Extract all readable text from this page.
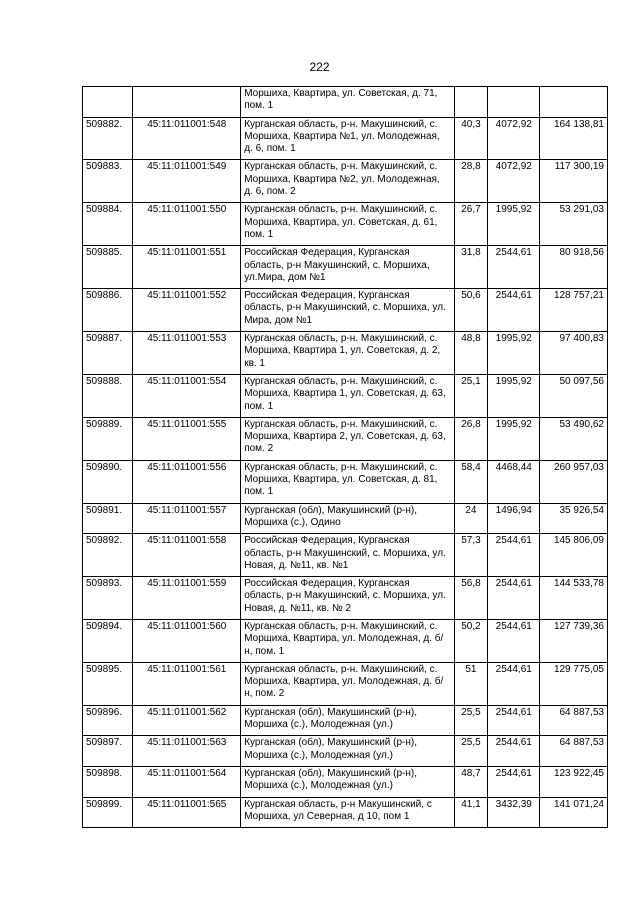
222
		Моршиха, Квартира, ул. Советская, д. 71, пом. 1			
509882.	45:11:011001:548	Курганская область, р-н. Макушинский, с. Моршиха, Квартира №1, ул. Молодежная, д. 6, пом. 1	40,3	4072,92	164 138,81
509883.	45:11:011001:549	Курганская область, р-н. Макушинский, с. Моршиха, Квартира №2, ул. Молодежная, д. 6, пом. 2	28,8	4072,92	117 300,19
509884.	45:11:011001:550	Курганская область, р-н. Макушинский, с. Моршиха, Квартира, ул. Советская, д. 61, пом. 1	26,7	1995,92	53 291,03
509885.	45:11:011001:551	Российская Федерация, Курганская область, р-н Макушинский, с. Моршиха, ул.Мира, дом №1	31,8	2544,61	80 918,56
509886.	45:11:011001:552	Российская Федерация, Курганская область, р-н Макушинский, с. Моршиха, ул. Мира, дом №1	50,6	2544,61	128 757,21
509887.	45:11:011001:553	Курганская область, р-н. Макушинский, с. Моршиха, Квартира 1, ул. Советская, д. 2, кв. 1	48,8	1995,92	97 400,83
509888.	45:11:011001:554	Курганская область, р-н. Макушинский, с. Моршиха, Квартира 1, ул. Советская, д. 63, пом. 1	25,1	1995,92	50 097,56
509889.	45:11:011001:555	Курганская область, р-н. Макушинский, с. Моршиха, Квартира 2, ул. Советская, д. 63, пом. 2	26,8	1995,92	53 490,62
509890.	45:11:011001:556	Курганская область, р-н. Макушинский, с. Моршиха, Квартира, ул. Советская, д. 81, пом. 1	58,4	4468,44	260 957,03
509891.	45:11:011001:557	Курганская (обл), Макушинский (р-н), Моршиха (с.), Одино	24	1496,94	35 926,54
509892.	45:11:011001:558	Российская Федерация, Курганская область, р-н Макушинский, с. Моршиха, ул. Новая, д. №11, кв. №1	57,3	2544,61	145 806,09
509893.	45:11:011001:559	Российская Федерация, Курганская область, р-н Макушинский, с. Моршиха, ул. Новая, д. №11, кв. № 2	56,8	2544,61	144 533,78
509894.	45:11:011001:560	Курганская область, р-н. Макушинский, с. Моршиха, Квартира, ул. Молодежная, д. б/н, пом. 1	50,2	2544,61	127 739,36
509895.	45:11:011001:561	Курганская область, р-н. Макушинский, с. Моршиха, Квартира, ул. Молодежная, д. б/н, пом. 2	51	2544,61	129 775,05
509896.	45:11:011001:562	Курганская (обл), Макушинский (р-н), Моршиха (с.), Молодежная (ул.)	25,5	2544,61	64 887,53
509897.	45:11:011001:563	Курганская (обл), Макушинский (р-н), Моршиха (с.), Молодежная (ул.)	25,5	2544,61	64 887,53
509898.	45:11:011001:564	Курганская (обл), Макушинский (р-н), Моршиха (с.), Молодежная (ул.)	48,7	2544,61	123 922,45
509899.	45:11:011001:565	Курганская область, р-н Макушинский, с Моршиха, ул Северная, д 10, пом 1	41,1	3432,39	141 071,24
